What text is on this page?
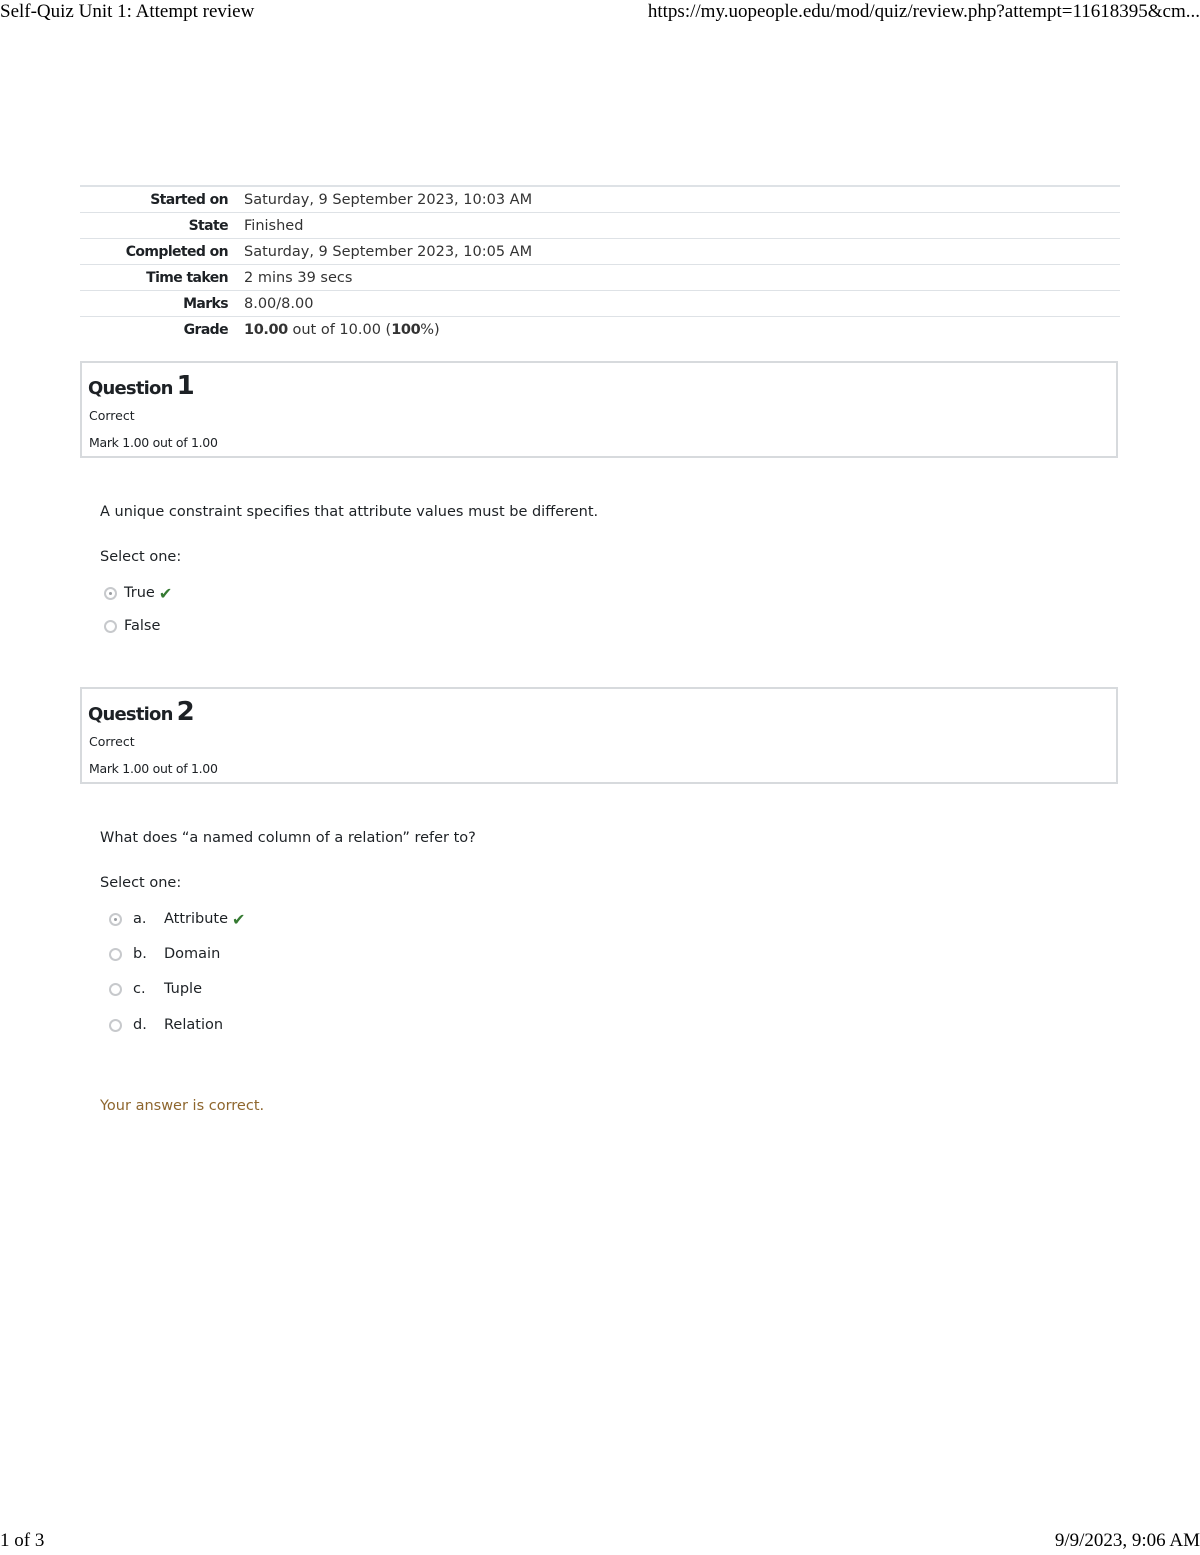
Self-Quiz Unit 1: Attempt review	https://my.uopeople.edu/mod/quiz/review.php?attempt=11618395&cm...
Started on	Saturday, 9 September 2023, 10:03 AM
State	Finished
Completed on	Saturday, 9 September 2023, 10:05 AM
Time taken	2 mins 39 secs
Marks	8.00/8.00
Grade	10.00 out of 10.00 (100%)
Question 1
Correct
Mark 1.00 out of 1.00
A unique constraint specifies that attribute values must be different.
Select one:
True ✔
False
Question 2
Correct
Mark 1.00 out of 1.00
What does “a named column of a relation” refer to?
Select one:
a.	Attribute ✔
b.	Domain
c.	Tuple
d.	Relation
Your answer is correct.
1 of 3	9/9/2023, 9:06 AM
